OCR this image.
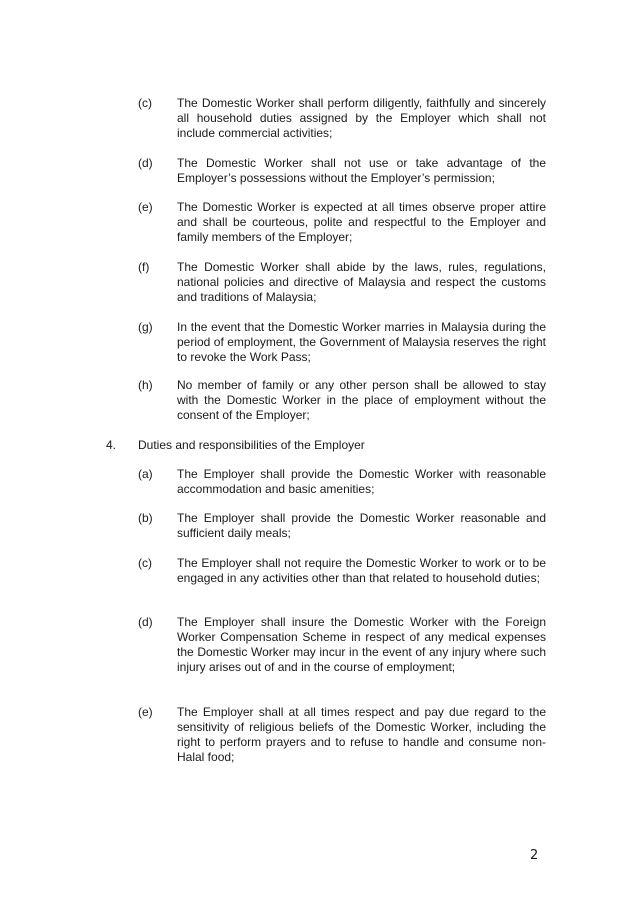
(c) The Domestic Worker shall perform diligently, faithfully and sincerely all household duties assigned by the Employer which shall not include commercial activities;
(d) The Domestic Worker shall not use or take advantage of the Employer’s possessions without the Employer’s permission;
(e) The Domestic Worker is expected at all times observe proper attire and shall be courteous, polite and respectful to the Employer and family members of the Employer;
(f) The Domestic Worker shall abide by the laws, rules, regulations, national policies and directive of Malaysia and respect the customs and traditions of Malaysia;
(g) In the event that the Domestic Worker marries in Malaysia during the period of employment, the Government of Malaysia reserves the right to revoke the Work Pass;
(h) No member of family or any other person shall be allowed to stay with the Domestic Worker in the place of employment without the consent of the Employer;
4. Duties and responsibilities of the Employer
(a) The Employer shall provide the Domestic Worker with reasonable accommodation and basic amenities;
(b) The Employer shall provide the Domestic Worker reasonable and sufficient daily meals;
(c) The Employer shall not require the Domestic Worker to work or to be engaged in any activities other than that related to household duties;
(d) The Employer shall insure the Domestic Worker with the Foreign Worker Compensation Scheme in respect of any medical expenses the Domestic Worker may incur in the event of any injury where such injury arises out of and in the course of employment;
(e) The Employer shall at all times respect and pay due regard to the sensitivity of religious beliefs of the Domestic Worker, including the right to perform prayers and to refuse to handle and consume non-Halal food;
2
